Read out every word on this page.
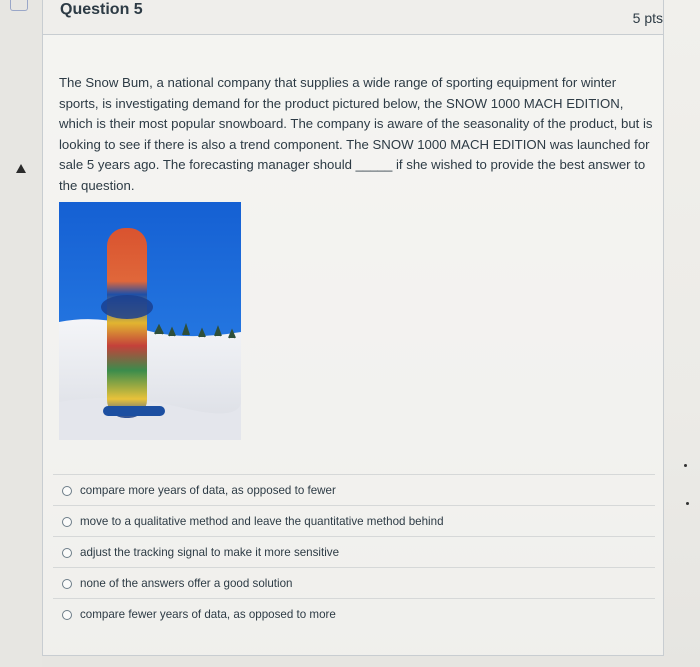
Question 5	5 pts

The Snow Bum, a national company that supplies a wide range of sporting equipment for winter sports, is investigating demand for the product pictured below, the SNOW 1000 MACH EDITION, which is their most popular snowboard. The company is aware of the seasonality of the product, but is looking to see if there is also a trend component. The SNOW 1000 MACH EDITION was launched for sale 5 years ago. The forecasting manager should _____ if she wished to provide the best answer to the question.

compare more years of data, as opposed to fewer
move to a qualitative method and leave the quantitative method behind
adjust the tracking signal to make it more sensitive
none of the answers offer a good solution
compare fewer years of data, as opposed to more
